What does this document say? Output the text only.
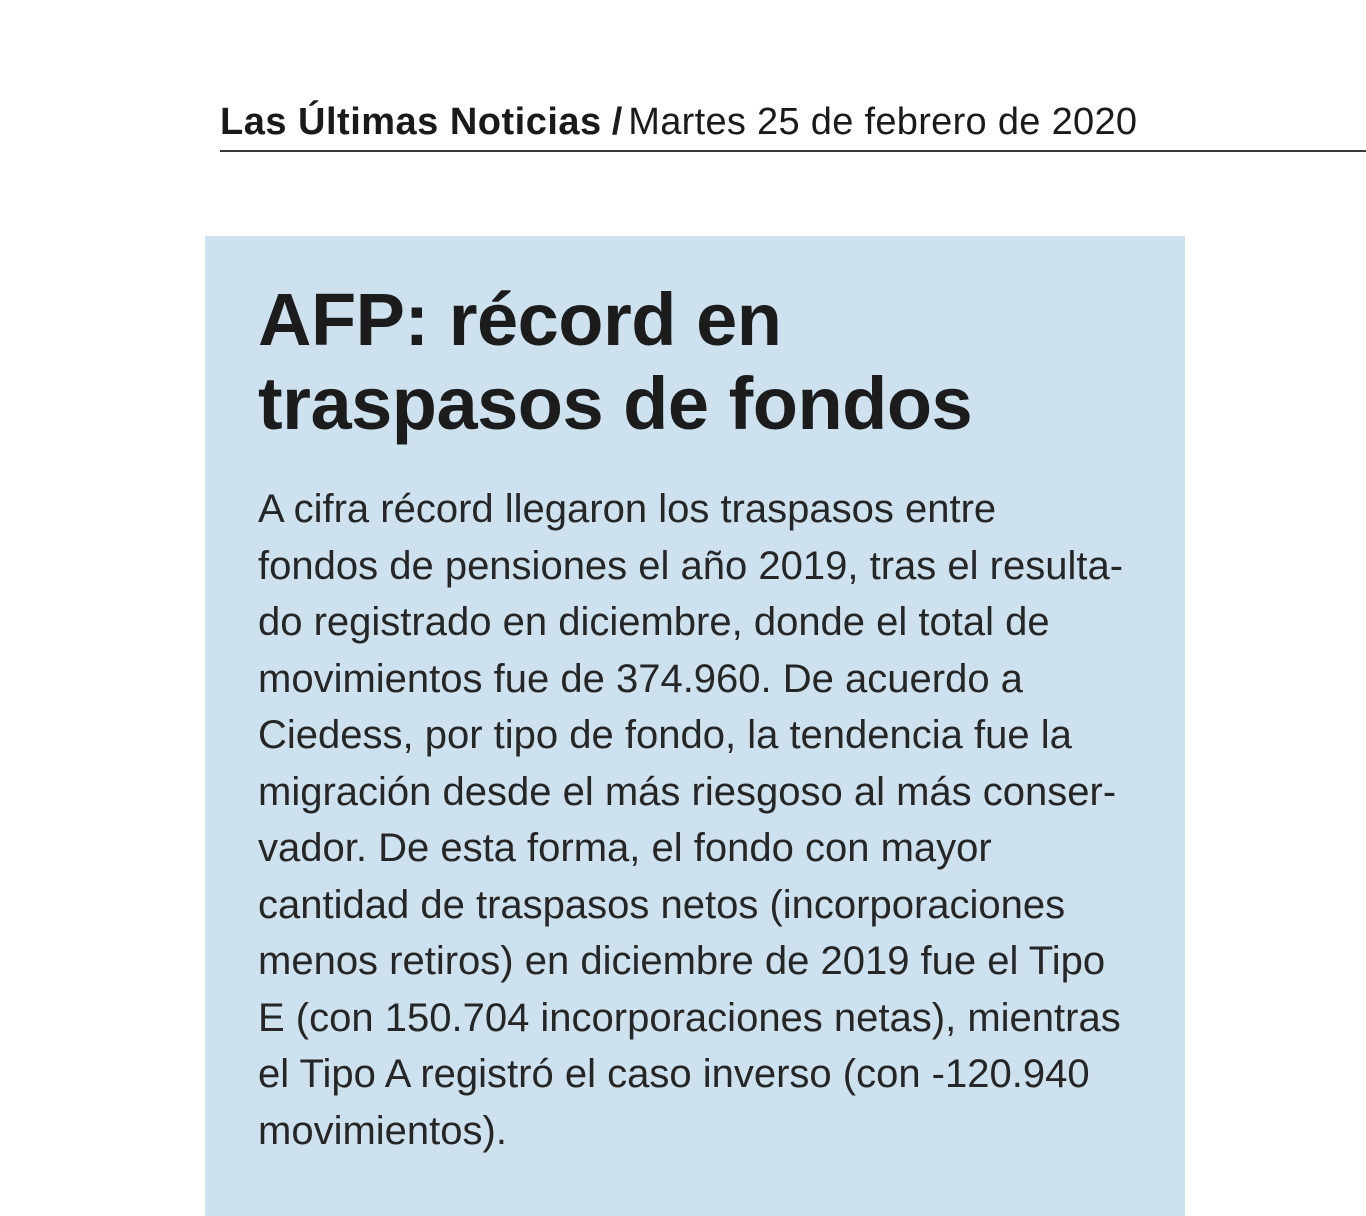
Las Últimas Noticias / Martes 25 de febrero de 2020
AFP: récord en
traspasos de fondos

A cifra récord llegaron los traspasos entre
fondos de pensiones el año 2019, tras el resulta-
do registrado en diciembre, donde el total de
movimientos fue de 374.960. De acuerdo a
Ciedess, por tipo de fondo, la tendencia fue la
migración desde el más riesgoso al más conser-
vador. De esta forma, el fondo con mayor
cantidad de traspasos netos (incorporaciones
menos retiros) en diciembre de 2019 fue el Tipo
E (con 150.704 incorporaciones netas), mientras
el Tipo A registró el caso inverso (con -120.940
movimientos).
